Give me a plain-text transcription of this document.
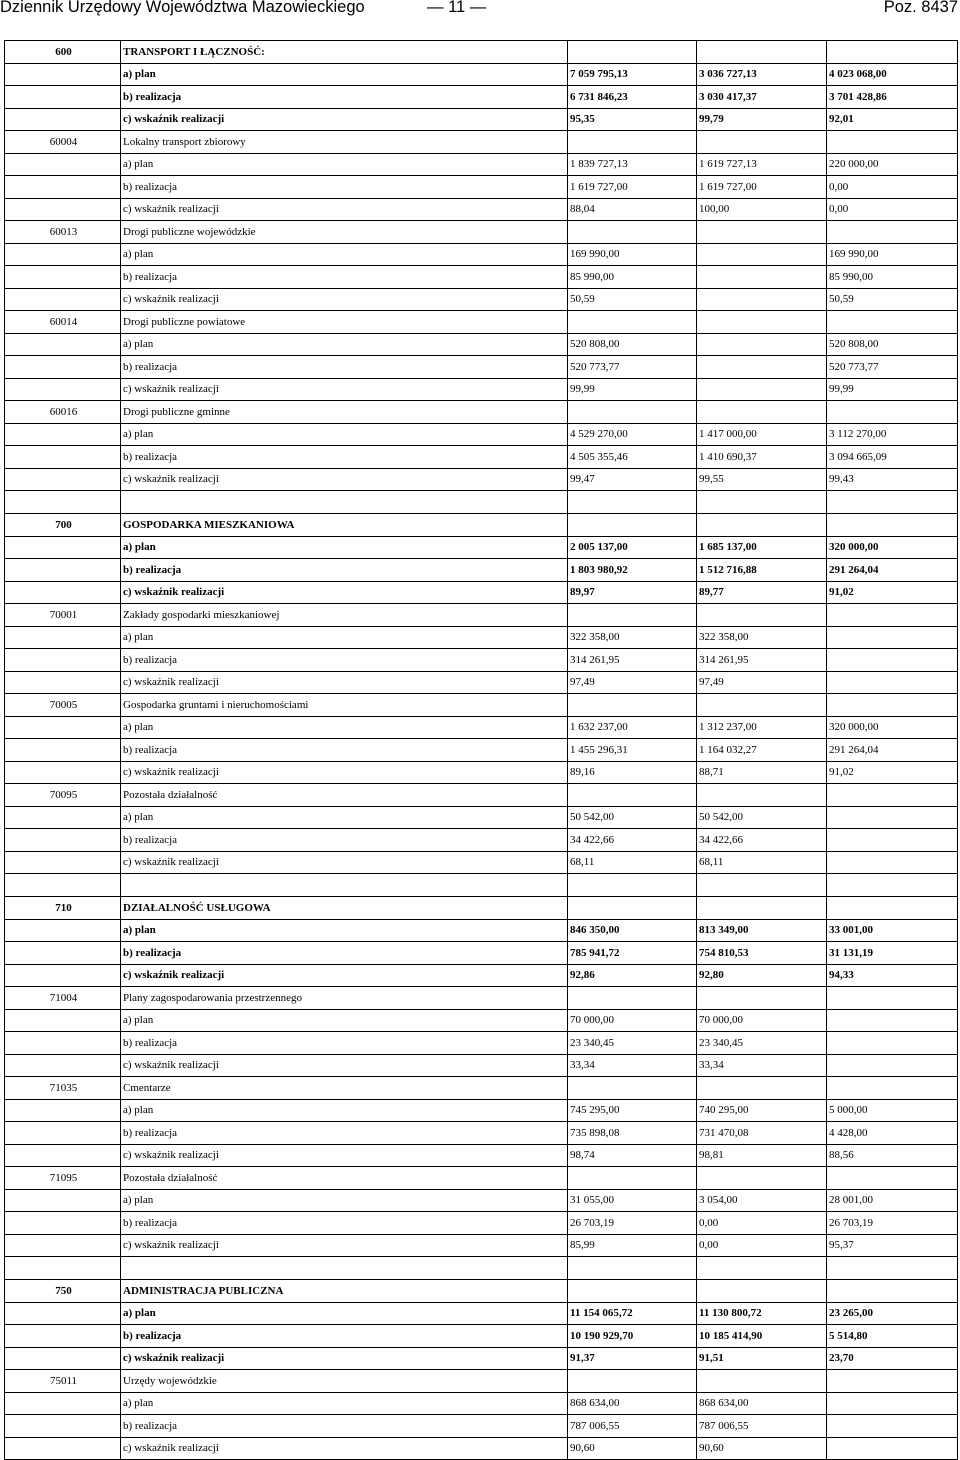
Dziennik Urzędowy Województwa Mazowieckiego	— 11 —	Poz. 8437
600	TRANSPORT I ŁĄCZNOŚĆ:			
	a) plan	7 059 795,13	3 036 727,13	4 023 068,00
	b) realizacja	6 731 846,23	3 030 417,37	3 701 428,86
	c) wskaźnik realizacji	95,35	99,79	92,01
60004	Lokalny transport zbiorowy			
	a) plan	1 839 727,13	1 619 727,13	220 000,00
	b) realizacja	1 619 727,00	1 619 727,00	0,00
	c) wskaźnik realizacji	88,04	100,00	0,00
60013	Drogi publiczne wojewódzkie			
	a) plan	169 990,00		169 990,00
	b) realizacja	85 990,00		85 990,00
	c) wskaźnik realizacji	50,59		50,59
60014	Drogi publiczne powiatowe			
	a) plan	520 808,00		520 808,00
	b) realizacja	520 773,77		520 773,77
	c) wskaźnik realizacji	99,99		99,99
60016	Drogi publiczne gminne			
	a) plan	4 529 270,00	1 417 000,00	3 112 270,00
	b) realizacja	4 505 355,46	1 410 690,37	3 094 665,09
	c) wskaźnik realizacji	99,47	99,55	99,43

700	GOSPODARKA MIESZKANIOWA			
	a) plan	2 005 137,00	1 685 137,00	320 000,00
	b) realizacja	1 803 980,92	1 512 716,88	291 264,04
	c) wskaźnik realizacji	89,97	89,77	91,02
70001	Zakłady gospodarki mieszkaniowej			
	a) plan	322 358,00	322 358,00	
	b) realizacja	314 261,95	314 261,95	
	c) wskaźnik realizacji	97,49	97,49	
70005	Gospodarka gruntami i nieruchomościami			
	a) plan	1 632 237,00	1 312 237,00	320 000,00
	b) realizacja	1 455 296,31	1 164 032,27	291 264,04
	c) wskaźnik realizacji	89,16	88,71	91,02
70095	Pozostała działalność			
	a) plan	50 542,00	50 542,00	
	b) realizacja	34 422,66	34 422,66	
	c) wskaźnik realizacji	68,11	68,11	

710	DZIAŁALNOŚĆ USŁUGOWA			
	a) plan	846 350,00	813 349,00	33 001,00
	b) realizacja	785 941,72	754 810,53	31 131,19
	c) wskaźnik realizacji	92,86	92,80	94,33
71004	Plany zagospodarowania przestrzennego			
	a) plan	70 000,00	70 000,00	
	b) realizacja	23 340,45	23 340,45	
	c) wskaźnik realizacji	33,34	33,34	
71035	Cmentarze			
	a) plan	745 295,00	740 295,00	5 000,00
	b) realizacja	735 898,08	731 470,08	4 428,00
	c) wskaźnik realizacji	98,74	98,81	88,56
71095	Pozostała działalność			
	a) plan	31 055,00	3 054,00	28 001,00
	b) realizacja	26 703,19	0,00	26 703,19
	c) wskaźnik realizacji	85,99	0,00	95,37

750	ADMINISTRACJA PUBLICZNA			
	a) plan	11 154 065,72	11 130 800,72	23 265,00
	b) realizacja	10 190 929,70	10 185 414,90	5 514,80
	c) wskaźnik realizacji	91,37	91,51	23,70
75011	Urzędy wojewódzkie			
	a) plan	868 634,00	868 634,00	
	b) realizacja	787 006,55	787 006,55	
	c) wskaźnik realizacji	90,60	90,60	
